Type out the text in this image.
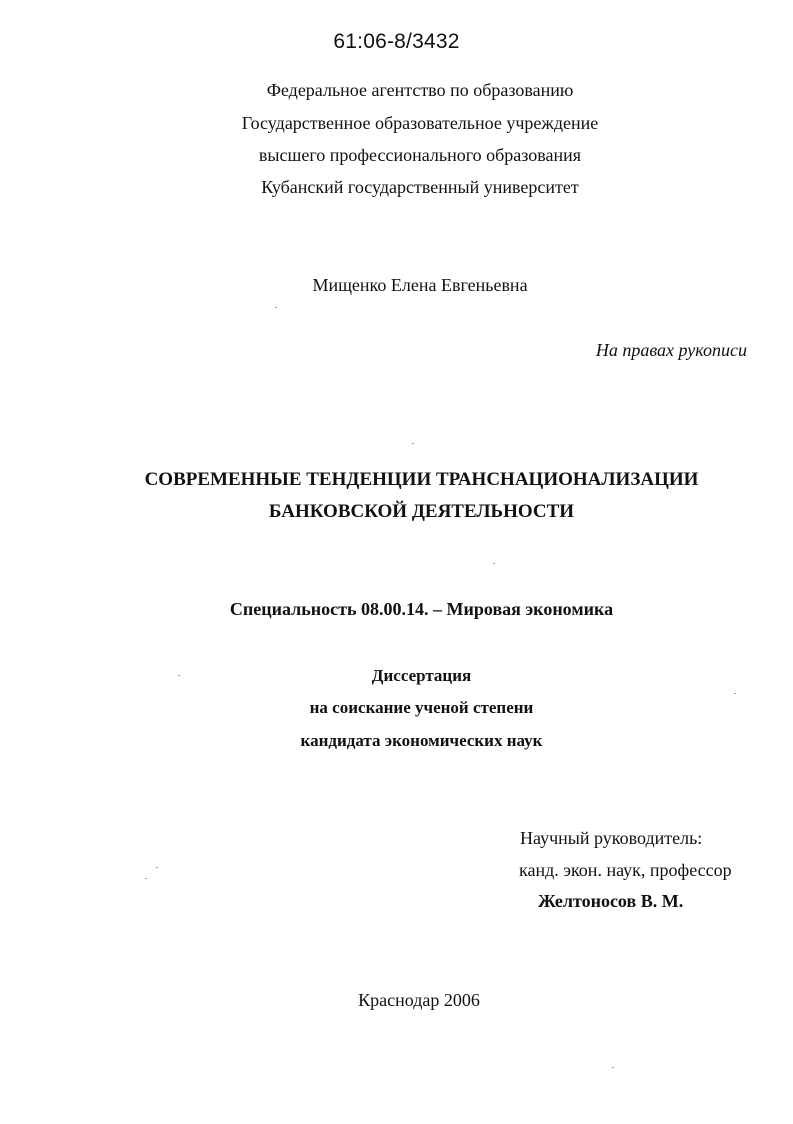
61:06-8/3432
Федеральное агентство по образованию
Государственное образовательное учреждение
высшего профессионального образования
Кубанский государственный университет
Мищенко Елена Евгеньевна
На правах рукописи
СОВРЕМЕННЫЕ ТЕНДЕНЦИИ ТРАНСНАЦИОНАЛИЗАЦИИ
БАНКОВСКОЙ ДЕЯТЕЛЬНОСТИ
Специальность 08.00.14. – Мировая экономика
Диссертация
на соискание ученой степени
кандидата экономических наук
Научный руководитель:
канд. экон. наук, профессор
Желтоносов В. М.
Краснодар 2006
